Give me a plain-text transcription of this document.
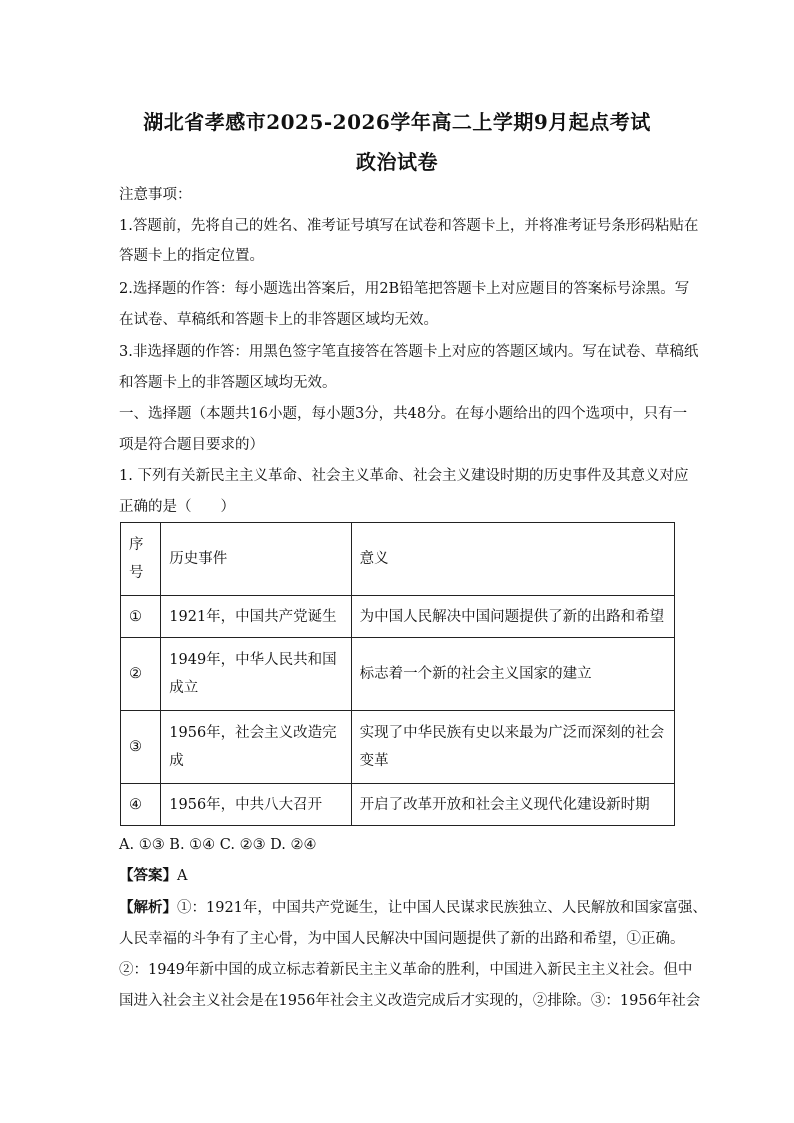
湖北省孝感市2025-2026学年高二上学期9月起点考试
政治试卷
注意事项：
1.答题前，先将自己的姓名、准考证号填写在试卷和答题卡上，并将准考证号条形码粘贴在
答题卡上的指定位置。
2.选择题的作答：每小题选出答案后，用2B铅笔把答题卡上对应题目的答案标号涂黑。写
在试卷、草稿纸和答题卡上的非答题区域均无效。
3.非选择题的作答：用黑色签字笔直接答在答题卡上对应的答题区域内。写在试卷、草稿纸
和答题卡上的非答题区域均无效。
一、选择题（本题共16小题，每小题3分，共48分。在每小题给出的四个选项中，只有一
项是符合题目要求的）
1. 下列有关新民主主义革命、社会主义革命、社会主义建设时期的历史事件及其意义对应
正确的是（　　）
序号	历史事件	意义
①	1921年，中国共产党诞生	为中国人民解决中国问题提供了新的出路和希望
②	1949年，中华人民共和国成立	标志着一个新的社会主义国家的建立
③	1956年，社会主义改造完成	实现了中华民族有史以来最为广泛而深刻的社会变革
④	1956年，中共八大召开	开启了改革开放和社会主义现代化建设新时期
A. ①③ B. ①④ C. ②③ D. ②④
【答案】A
【解析】①：1921年，中国共产党诞生，让中国人民谋求民族独立、人民解放和国家富强、
人民幸福的斗争有了主心骨，为中国人民解决中国问题提供了新的出路和希望，①正确。
②：1949年新中国的成立标志着新民主主义革命的胜利，中国进入新民主主义社会。但中
国进入社会主义社会是在1956年社会主义改造完成后才实现的，②排除。③：1956年社会
